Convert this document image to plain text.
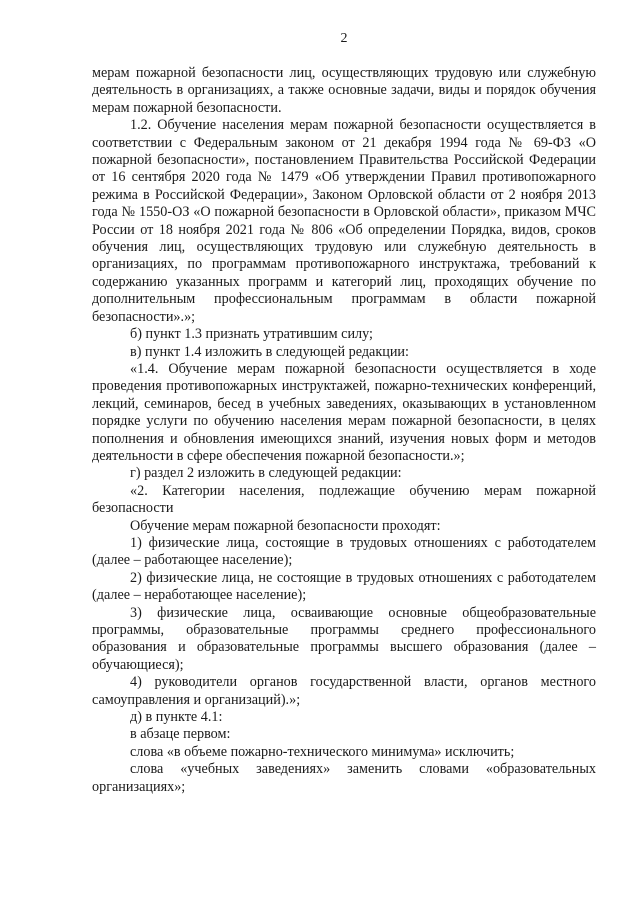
2

мерам пожарной безопасности лиц, осуществляющих трудовую или служебную деятельность в организациях, а также основные задачи, виды и порядок обучения мерам пожарной безопасности.

1.2. Обучение населения мерам пожарной безопасности осуществляется в соответствии с Федеральным законом от 21 декабря 1994 года № 69-ФЗ «О пожарной безопасности», постановлением Правительства Российской Федерации от 16 сентября 2020 года № 1479 «Об утверждении Правил противопожарного режима в Российской Федерации», Законом Орловской области от 2 ноября 2013 года № 1550-ОЗ «О пожарной безопасности в Орловской области», приказом МЧС России от 18 ноября 2021 года № 806 «Об определении Порядка, видов, сроков обучения лиц, осуществляющих трудовую или служебную деятельность в организациях, по программам противопожарного инструктажа, требований к содержанию указанных программ и категорий лиц, проходящих обучение по дополнительным профессиональным программам в области пожарной безопасности».»;

б) пункт 1.3 признать утратившим силу;

в) пункт 1.4 изложить в следующей редакции:

«1.4. Обучение мерам пожарной безопасности осуществляется в ходе проведения противопожарных инструктажей, пожарно-технических конференций, лекций, семинаров, бесед в учебных заведениях, оказывающих в установленном порядке услуги по обучению населения мерам пожарной безопасности, в целях пополнения и обновления имеющихся знаний, изучения новых форм и методов деятельности в сфере обеспечения пожарной безопасности.»;

г) раздел 2 изложить в следующей редакции:

«2. Категории населения, подлежащие обучению мерам пожарной безопасности

Обучение мерам пожарной безопасности проходят:

1) физические лица, состоящие в трудовых отношениях с работодателем (далее – работающее население);

2) физические лица, не состоящие в трудовых отношениях с работодателем (далее – неработающее население);

3) физические лица, осваивающие основные общеобразовательные программы, образовательные программы среднего профессионального образования и образовательные программы высшего образования (далее – обучающиеся);

4) руководители органов государственной власти, органов местного самоуправления и организаций).»;

д) в пункте 4.1:

в абзаце первом:

слова «в объеме пожарно-технического минимума» исключить;

слова «учебных заведениях» заменить словами «образовательных организациях»;
